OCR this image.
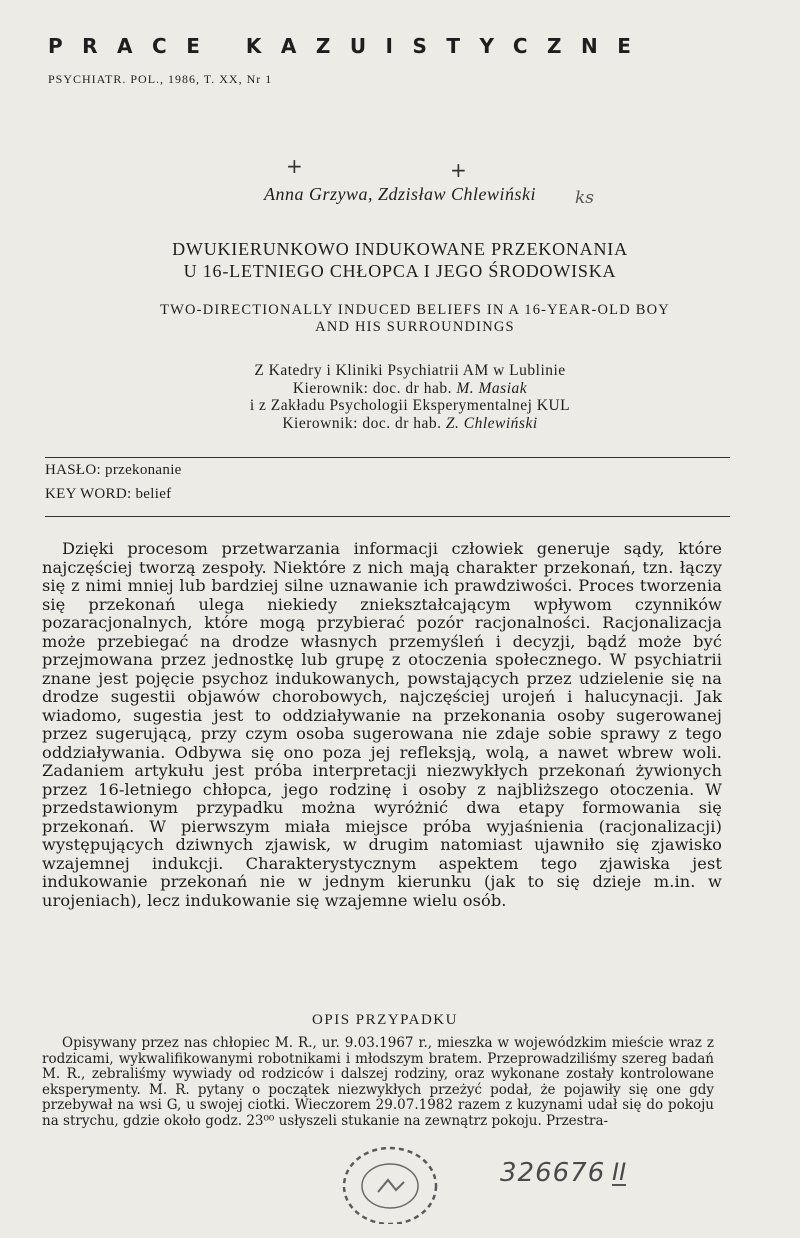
PRACE KAZUISTYCZNE
PSYCHIATR. POL., 1986, T. XX, Nr 1
+	+
Anna Grzywa, Zdzisław Chlewiński	ks
DWUKIERUNKOWO INDUKOWANE PRZEKONANIA
U 16-LETNIEGO CHŁOPCA I JEGO ŚRODOWISKA
TWO-DIRECTIONALLY INDUCED BELIEFS IN A 16-YEAR-OLD BOY
AND HIS SURROUNDINGS
Z Katedry i Kliniki Psychiatrii AM w Lublinie
Kierownik: doc. dr hab. M. Masiak
i z Zakładu Psychologii Eksperymentalnej KUL
Kierownik: doc. dr hab. Z. Chlewiński
HASŁO: przekonanie
KEY WORD: belief
Dzięki procesom przetwarzania informacji człowiek generuje sądy, które najczęściej tworzą zespoły. Niektóre z nich mają charakter przekonań, tzn. łączy się z nimi mniej lub bardziej silne uznawanie ich prawdziwości. Proces tworzenia się przekonań ulega niekiedy zniekształcającym wpływom czynników pozaracjonalnych, które mogą przybierać pozór racjonalności. Racjonalizacja może przebiegać na drodze własnych przemyśleń i decyzji, bądź może być przejmowana przez jednostkę lub grupę z otoczenia społecznego. W psychiatrii znane jest pojęcie psychoz indukowanych, powstających przez udzielenie się na drodze sugestii objawów chorobowych, najczęściej urojeń i halucynacji. Jak wiadomo, sugestia jest to oddziaływanie na przekonania osoby sugerowanej przez sugerującą, przy czym osoba sugerowana nie zdaje sobie sprawy z tego oddziaływania. Odbywa się ono poza jej refleksją, wolą, a nawet wbrew woli. Zadaniem artykułu jest próba interpretacji niezwykłych przekonań żywionych przez 16-letniego chłopca, jego rodzinę i osoby z najbliższego otoczenia. W przedstawionym przypadku można wyróżnić dwa etapy formowania się przekonań. W pierwszym miała miejsce próba wyjaśnienia (racjonalizacji) występujących dziwnych zjawisk, w drugim natomiast ujawniło się zjawisko wzajemnej indukcji. Charakterystycznym aspektem tego zjawiska jest indukowanie przekonań nie w jednym kierunku (jak to się dzieje m.in. w urojeniach), lecz indukowanie się wzajemne wielu osób.
OPIS PRZYPADKU
Opisywany przez nas chłopiec M. R., ur. 9.03.1967 r., mieszka w wojewódzkim mieście wraz z rodzicami, wykwalifikowanymi robotnikami i młodszym bratem. Przeprowadziliśmy szereg badań M. R., zebraliśmy wywiady od rodziców i dalszej rodziny, oraz wykonane zostały kontrolowane eksperymenty. M. R. pytany o początek niezwykłych przeżyć podał, że pojawiły się one gdy przebywał na wsi G, u swojej ciotki. Wieczorem 29.07.1982 razem z kuzynami udał się do pokoju na strychu, gdzie około godz. 23⁰⁰ usłyszeli stukanie na zewnątrz pokoju. Przestra-
326676 II
